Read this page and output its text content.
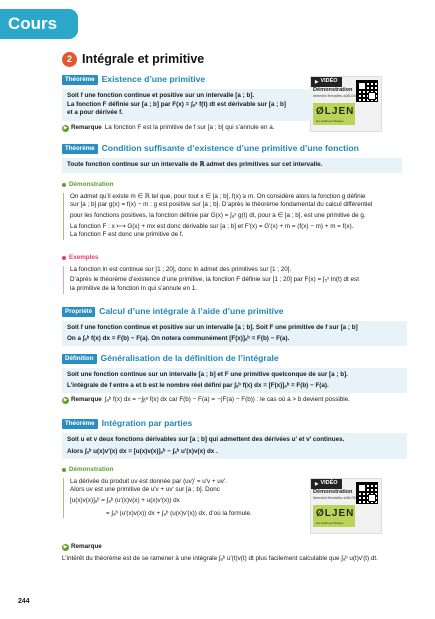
Cours
2 Intégrale et primitive
▶ VIDÉO
Démonstration
lienmini.fr/maths-s08-04
ØLJEN
les maths en finesse
Théorème Existence d’une primitive

Soit f une fonction continue et positive sur un intervalle [a ; b].

La fonction F définie sur [a ; b] par F(x) = ∫ₐˣ f(t) dt est dérivable sur [a ; b]

et a pour dérivée f.

▶ Remarque La fonction F est la primitive de f sur [a ; b] qui s’annule en a.
Théorème Condition suffisante d’existence d’une primitive d’une fonction

Toute fonction continue sur un intervalle de ℝ admet des primitives sur cet intervalle.

Démonstration

On admet qu’il existe m ∈ ℝ tel que, pour tout x ∈ [a ; b], f(x) ≥ m. On considère alors la fonction g définie

sur [a ; b] par g(x) = f(x) − m : g est positive sur [a ; b]. D’après le théorème fondamental du calcul différentiel

pour les fonctions positives, la fonction définie par G(x) = ∫ₐˣ g(t) dt, pour a ∈ [a ; b], est une primitive de g.

La fonction F : x ⟼ G(x) + mx est donc dérivable sur [a ; b] et F′(x) = G′(x) + m = (f(x) − m) + m = f(x).

La fonction F est donc une primitive de f.

Exemples

La fonction ln est continue sur [1 ; 20], donc ln admet des primitives sur [1 ; 20].

D’après le théorème d’existence d’une primitive, la fonction F définie sur [1 ; 20] par F(x) = ∫₅ˣ ln(t) dt est

la primitive de la fonction ln qui s’annule en 1.

Propriété Calcul d’une intégrale à l’aide d’une primitive

Soit f une fonction continue et positive sur un intervalle [a ; b]. Soit F une primitive de f sur [a ; b]

On a ∫ₐᵇ f(x) dx = F(b) − F(a). On notera communément [F(x)]ₐᵇ = F(b) − F(a).

Définition Généralisation de la définition de l’intégrale

Soit une fonction continue sur un intervalle [a ; b] et F une primitive quelconque de sur [a ; b].

L’intégrale de f entre a et b est le nombre réel défini par ∫ₐᵇ f(x) dx = [F(x)]ₐᵇ = F(b) − F(a).

▶ Remarque ∫ₐᵇ f(x) dx = −∫ᵦᵃ f(x) dx car F(b) − F(a) = −(F(a) − F(b)) : le cas où a > b devient possible.
Théorème Intégration par parties

Soit u et v deux fonctions dérivables sur [a ; b] qui admettent des dérivées u′ et v′ continues.

Alors ∫ₐᵇ u(x)v′(x) dx = [u(x)v(x)]ₐᵇ − ∫ₐᵇ u′(x)v(x) dx .

▶ VIDÉO
Démonstration
lienmini.fr/maths-s08-05
ØLJEN
les maths en finesse
Démonstration

La dérivée du produit uv est donnée par (uv)′ = u′v + uv′.

Alors uv est une primitive de u′v + uv′ sur [a ; b]. Donc

[u(x)v(x)]ₐᵇ = ∫ₐᵇ (u′(x)v(x) + u(x)v′(x)) dx

= ∫ₐᵇ (u′(x)v(x)) dx + ∫ₐᵇ (u(x)v′(x)) dx, d’où la formule.

▶ Remarque

L’intérêt du théorème est de se ramener à une intégrale ∫ₐᵇ u′(t)v(t) dt plus facilement calculable que ∫ₐᵇ u(t)v′(t) dt.

244
